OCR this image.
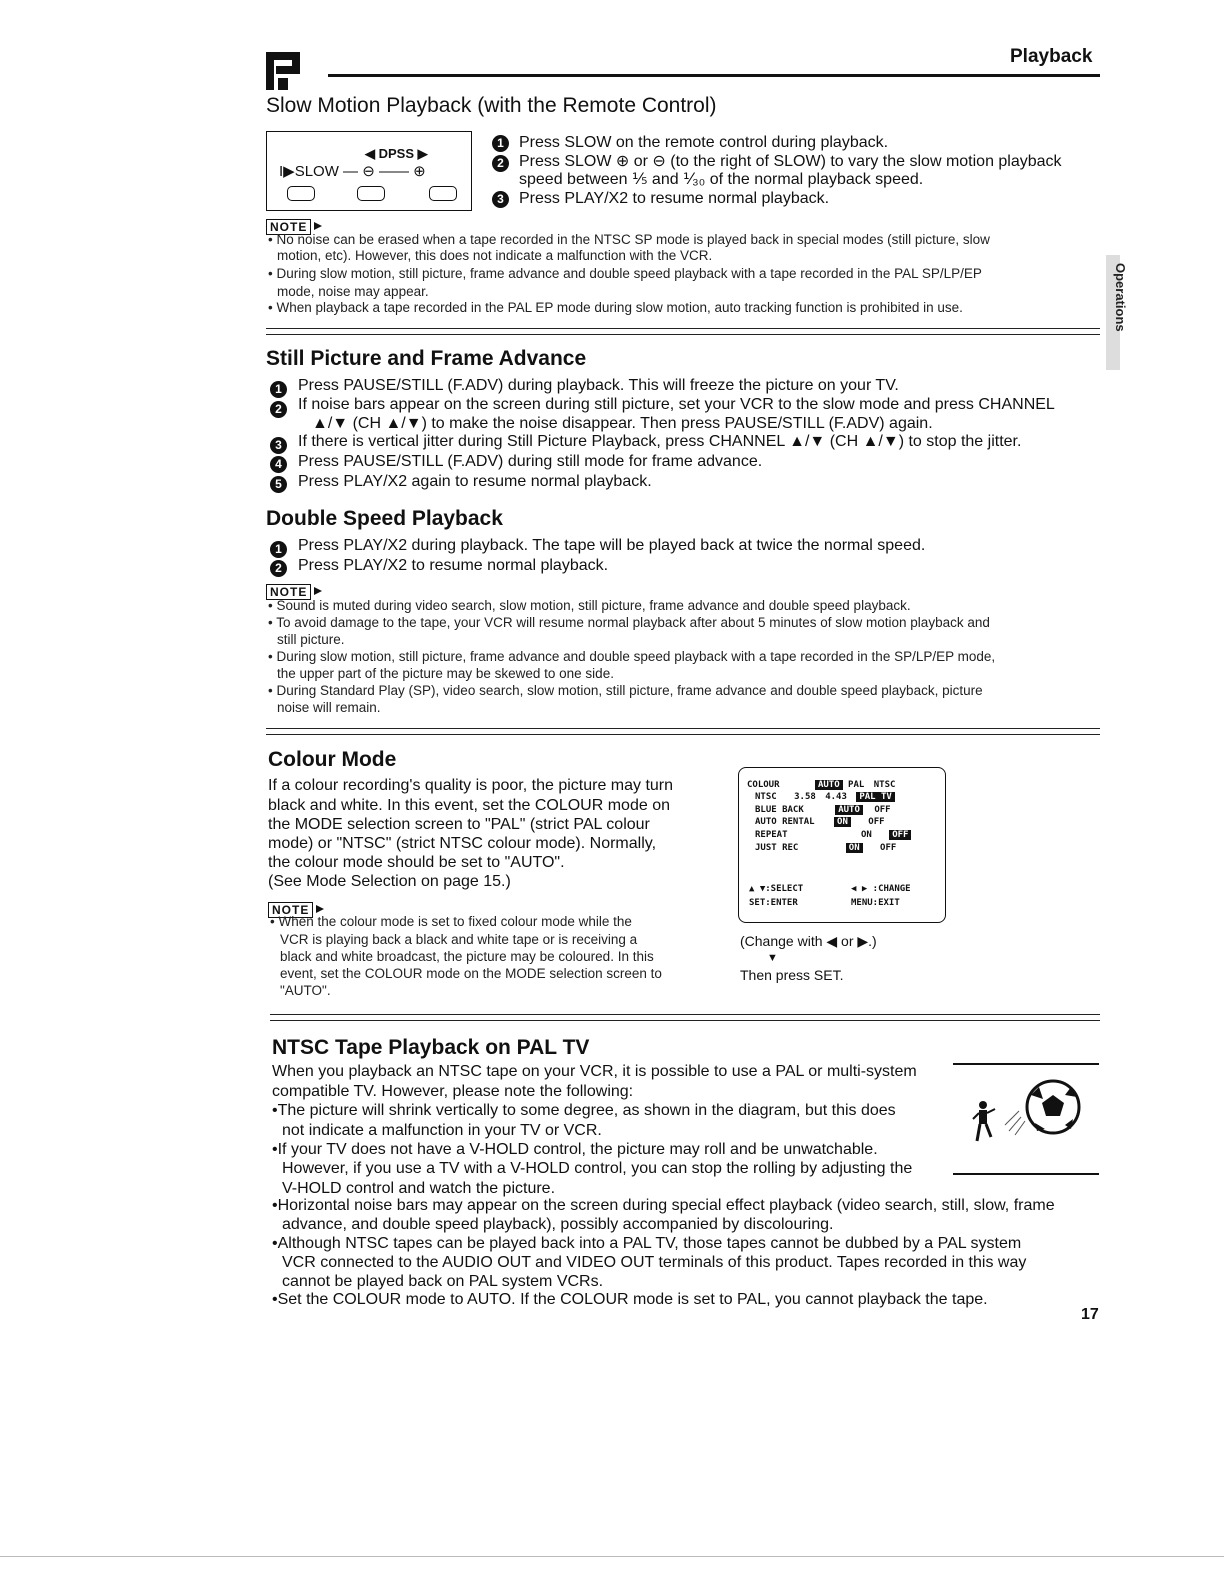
Playback
Operations
Slow Motion Playback (with the Remote Control)
◀ DPSS ▶
I▶SLOW — ⊖ —— ⊕
1 Press SLOW on the remote control during playback.
2 Press SLOW ⊕ or ⊖ (to the right of SLOW) to vary the slow motion playback
speed between ⅕ and ⅟₃₀ of the normal playback speed.
3 Press PLAY/X2 to resume normal playback.
NOTE
• No noise can be erased when a tape recorded in the NTSC SP mode is played back in special modes (still picture, slow
motion, etc). However, this does not indicate a malfunction with the VCR.
• During slow motion, still picture, frame advance and double speed playback with a tape recorded in the PAL SP/LP/EP
mode, noise may appear.
• When playback a tape recorded in the PAL EP mode during slow motion, auto tracking function is prohibited in use.
Still Picture and Frame Advance
1	Press PAUSE/STILL (F.ADV) during playback. This will freeze the picture on your TV.
2	If noise bars appear on the screen during still picture, set your VCR to the slow mode and press CHANNEL
▲/▼ (CH ▲/▼) to make the noise disappear. Then press PAUSE/STILL (F.ADV) again.
3	If there is vertical jitter during Still Picture Playback, press CHANNEL ▲/▼ (CH ▲/▼) to stop the jitter.
4	Press PAUSE/STILL (F.ADV) during still mode for frame advance.
5	Press PLAY/X2 again to resume normal playback.
Double Speed Playback
1	Press PLAY/X2 during playback. The tape will be played back at twice the normal speed.
2	Press PLAY/X2 to resume normal playback.
NOTE
• Sound is muted during video search, slow motion, still picture, frame advance and double speed playback.
• To avoid damage to the tape, your VCR will resume normal playback after about 5 minutes of slow motion playback and
still picture.
• During slow motion, still picture, frame advance and double speed playback with a tape recorded in the SP/LP/EP mode,
the upper part of the picture may be skewed to one side.
• During Standard Play (SP), video search, slow motion, still picture, frame advance and double speed playback, picture
noise will remain.
Colour Mode
If a colour recording's quality is poor, the picture may turn
black and white. In this event, set the COLOUR mode on
the MODE selection screen to "PAL" (strict PAL colour
mode) or "NTSC" (strict NTSC colour mode). Normally,
the colour mode should be set to "AUTO".
(See Mode Selection on page 15.)
NOTE
• When the colour mode is set to fixed colour mode while the
VCR is playing back a black and white tape or is receiving a
black and white broadcast, the picture may be coloured. In this
event, set the COLOUR mode on the MODE selection screen to
"AUTO".
COLOUR	AUTO PAL NTSC
NTSC 3.58 4.43 PAL TV
BLUE BACK	AUTO OFF
AUTO RENTAL ON OFF
REPEAT	ON OFF
JUST REC	ON OFF
▲ ▼:SELECT	◀ ▶ :CHANGE
SET:ENTER	MENU:EXIT
(Change with ◀ or ▶.)
▼
Then press SET.
NTSC Tape Playback on PAL TV
When you playback an NTSC tape on your VCR, it is possible to use a PAL or multi-system
compatible TV. However, please note the following:
•The picture will shrink vertically to some degree, as shown in the diagram, but this does
not indicate a malfunction in your TV or VCR.
•If your TV does not have a V-HOLD control, the picture may roll and be unwatchable.
However, if you use a TV with a V-HOLD control, you can stop the rolling by adjusting the
V-HOLD control and watch the picture.
•Horizontal noise bars may appear on the screen during special effect playback (video search, still, slow, frame
advance, and double speed playback), possibly accompanied by discolouring.
•Although NTSC tapes can be played back into a PAL TV, those tapes cannot be dubbed by a PAL system
VCR connected to the AUDIO OUT and VIDEO OUT terminals of this product. Tapes recorded in this way
cannot be played back on PAL system VCRs.
•Set the COLOUR mode to AUTO. If the COLOUR mode is set to PAL, you cannot playback the tape.
17
